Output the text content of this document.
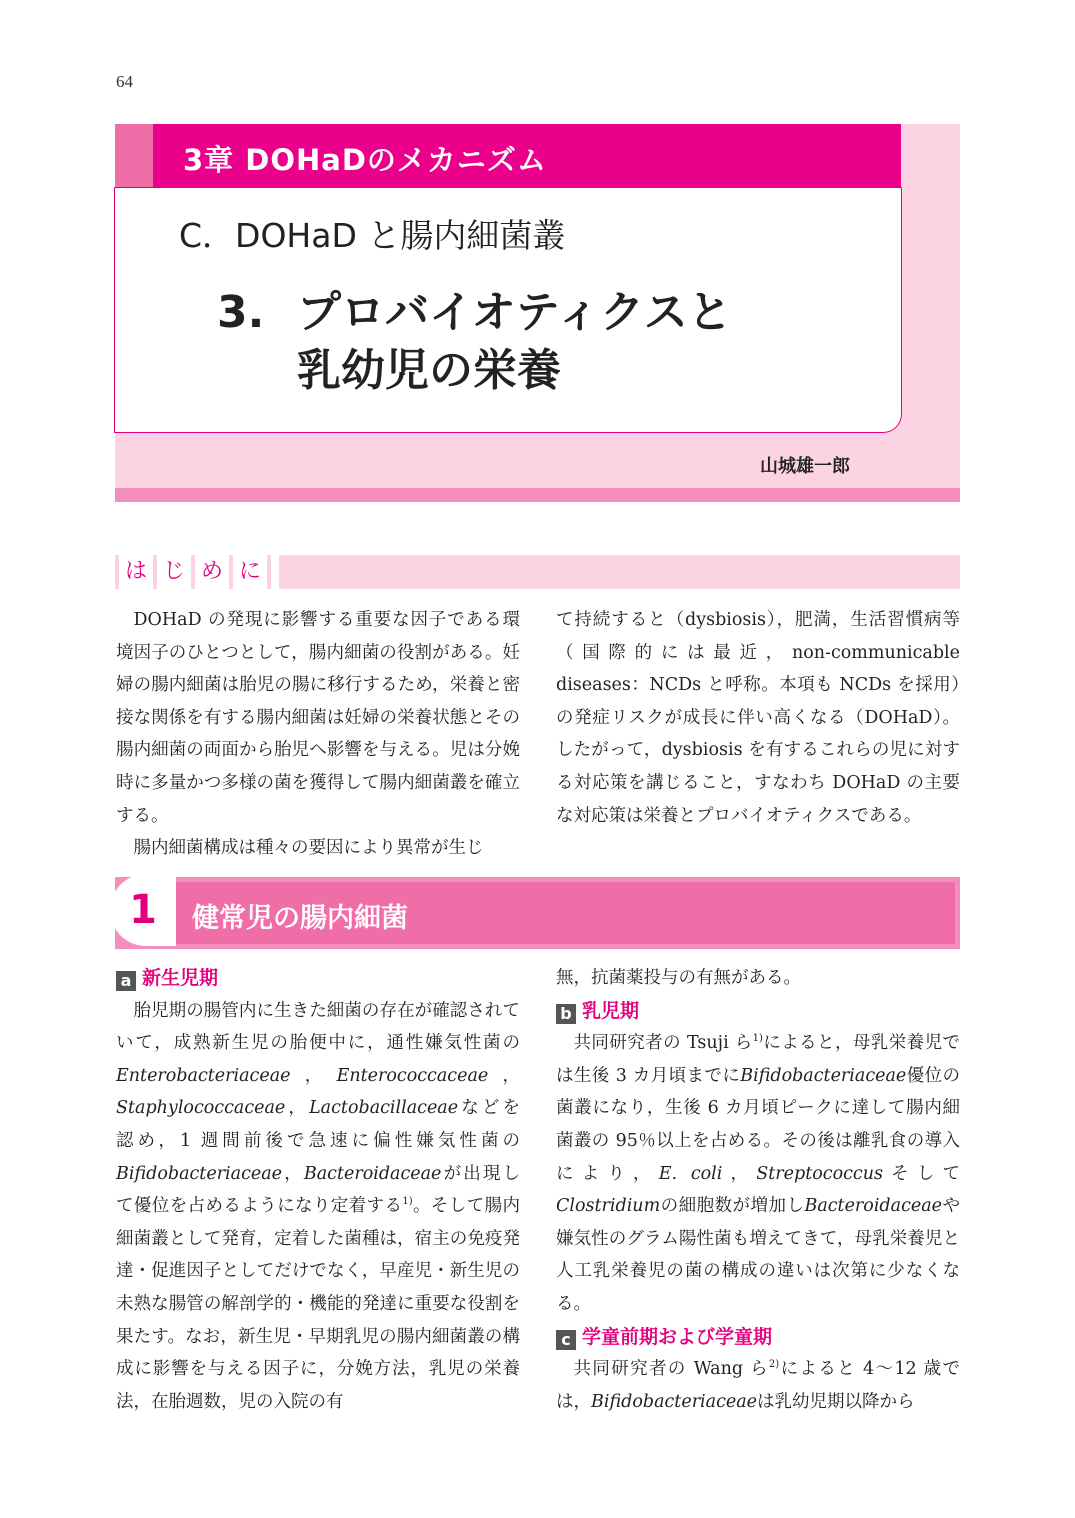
64
3章 DOHaDのメカニズム
C．DOHaD と腸内細菌叢
3. プロバイオティクスと
乳幼児の栄養
山城雄一郎
は じ め に

DOHaD の発現に影響する重要な因子である環境因子のひとつとして，腸内細菌の役割がある。妊婦の腸内細菌は胎児の腸に移行するため，栄養と密接な関係を有する腸内細菌は妊婦の栄養状態とその腸内細菌の両面から胎児へ影響を与える。児は分娩時に多量かつ多様の菌を獲得して腸内細菌叢を確立する。

腸内細菌構成は種々の要因により異常が生じ

て持続すると（dysbiosis），肥満，生活習慣病等（国際的には最近，non-communicable diseases：NCDs と呼称。本項も NCDs を採用）の発症リスクが成長に伴い高くなる（DOHaD）。したがって，dysbiosis を有するこれらの児に対する対応策を講じること，すなわち DOHaD の主要な対応策は栄養とプロバイオティクスである。

1	健常児の腸内細菌
a 新生児期

胎児期の腸管内に生きた細菌の存在が確認されていて，成熟新生児の胎便中に，通性嫌気性菌のEnterobacteriaceae，Enterococcaceae，Staphylococcaceae，Lactobacillaceaeなどを認め，1 週間前後で急速に偏性嫌気性菌のBifidobacteriaceae，Bacteroidaceaeが出現して優位を占めるようになり定着する$^{1)}$。そして腸内細菌叢として発育，定着した菌種は，宿主の免疫発達・促進因子としてだけでなく，早産児・新生児の未熟な腸管の解剖学的・機能的発達に重要な役割を果たす。なお，新生児・早期乳児の腸内細菌叢の構成に影響を与える因子に，分娩方法，乳児の栄養法，在胎週数，児の入院の有

無，抗菌薬投与の有無がある。

b 乳児期

共同研究者の Tsuji ら$^{1)}$によると，母乳栄養児では生後 3 カ月頃までにBifidobacteriaceae優位の菌叢になり，生後 6 カ月頃ピークに達して腸内細菌叢の 95％以上を占める。その後は離乳食の導入により，E. coli，StreptococcusそしてClostridiumの細胞数が増加しBacteroidaceaeや嫌気性のグラム陽性菌も増えてきて，母乳栄養児と人工乳栄養児の菌の構成の違いは次第に少なくなる。

c 学童前期および学童期

共同研究者の Wang ら$^{2)}$によると 4～12 歳では，Bifidobacteriaceaeは乳幼児期以降から
